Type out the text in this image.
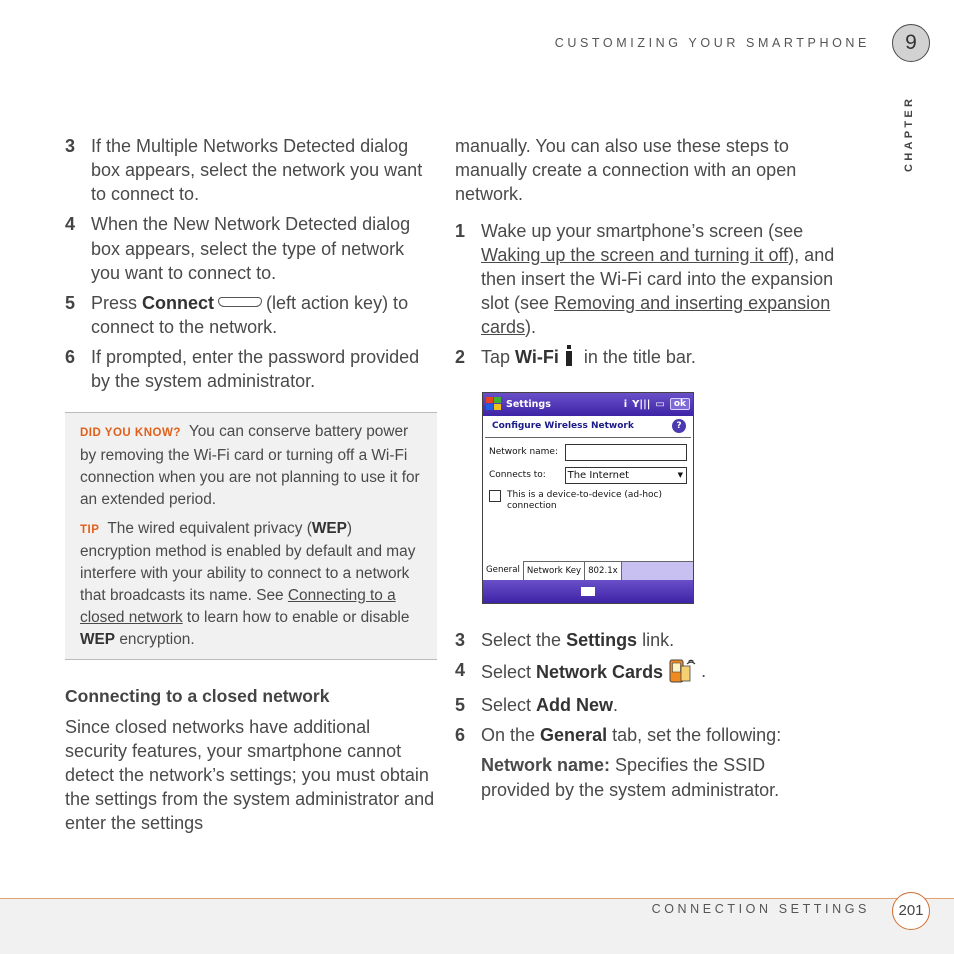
CUSTOMIZING YOUR SMARTPHONE	9
CHAPTER
3 If the Multiple Networks Detected dialog box appears, select the network you want to connect to.
4 When the New Network Detected dialog box appears, select the type of network you want to connect to.
5 Press Connect	(left action key) to connect to the network.
6 If prompted, enter the password provided by the system administrator.
DID YOU KNOW? You can conserve battery power by removing the Wi-Fi card or turning off a Wi-Fi connection when you are not planning to use it for an extended period.
TIP The wired equivalent privacy (WEP) encryption method is enabled by default and may interfere with your ability to connect to a network that broadcasts its name. See Connecting to a closed network to learn how to enable or disable WEP encryption.
Connecting to a closed network
Since closed networks have additional security features, your smartphone cannot detect the network’s settings; you must obtain the settings from the system administrator and enter the settings
manually. You can also use these steps to manually create a connection with an open network.
1 Wake up your smartphone’s screen (see Waking up the screen and turning it off), and then insert the Wi-Fi card into the expansion slot (see Removing and inserting expansion cards).
2 Tap Wi-Fi in the title bar.
Settings	i Y||| ▭	ok
Configure Wireless Network	?
Network name:
Connects to:	The Internet	▼
This is a device-to-device (ad-hoc) connection
General Network Key 802.1x
3 Select the Settings link.
4 Select Network Cards .
5 Select Add New.
6 On the General tab, set the following:
Network name: Specifies the SSID provided by the system administrator.
CONNECTION SETTINGS	201
